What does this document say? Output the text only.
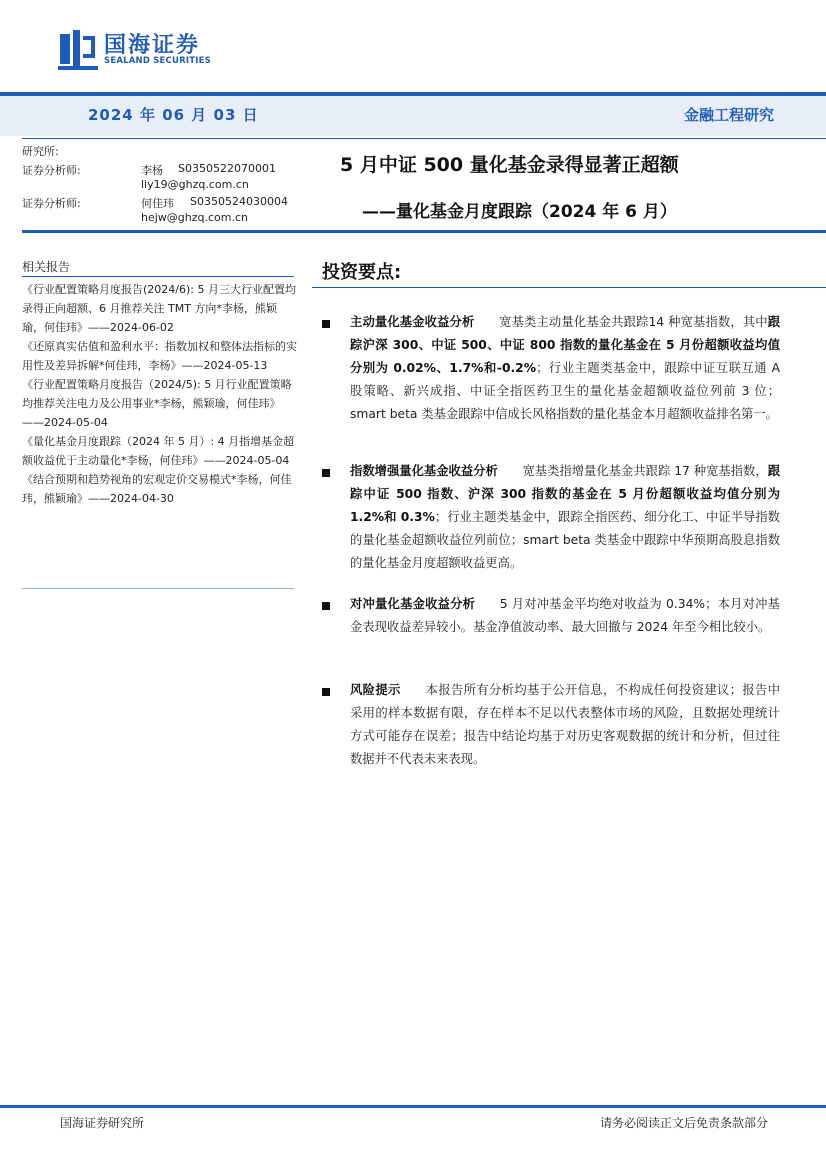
国海证券
SEALAND SECURITIES
2024 年 06 月 03 日	金融工程研究
研究所:
证券分析师:	李杨 S0350522070001
liy19@ghzq.com.cn
证券分析师:	何佳玮 S0350524030004
hejw@ghzq.com.cn
5 月中证 500 量化基金录得显著正超额
——量化基金月度跟踪（2024 年 6 月）
相关报告
《行业配置策略月度报告(2024/6): 5 月三大行业配置均录得正向超额、6 月推荐关注 TMT 方向*李杨，熊颖瑜，何佳玮》——2024-06-02
《还原真实估值和盈利水平：指数加权和整体法指标的实用性及差异拆解*何佳玮，李杨》——2024-05-13
《行业配置策略月度报告（2024/5): 5 月行业配置策略均推荐关注电力及公用事业*李杨，熊颖瑜，何佳玮》——2024-05-04
《量化基金月度跟踪（2024 年 5 月）: 4 月指增基金超额收益优于主动量化*李杨，何佳玮》——2024-05-04
《结合预期和趋势视角的宏观定价交易模式*李杨，何佳玮，熊颖瑜》——2024-04-30
投资要点:
主动量化基金收益分析   宽基类主动量化基金共跟踪14 种宽基指数，其中跟踪沪深 300、中证 500、中证 800 指数的量化基金在 5 月份超额收益均值分别为 0.02%、1.7%和-0.2%；行业主题类基金中，跟踪中证互联互通 A 股策略、新兴成指、中证全指医药卫生的量化基金超额收益位列前 3 位；smart beta 类基金跟踪中信成长风格指数的量化基金本月超额收益排名第一。
指数增强量化基金收益分析   宽基类指增量化基金共跟踪 17 种宽基指数，跟踪中证 500 指数、沪深 300 指数的基金在 5 月份超额收益均值分别为 1.2%和 0.3%；行业主题类基金中，跟踪全指医药、细分化工、中证半导指数的量化基金超额收益位列前位；smart beta 类基金中跟踪中华预期高股息指数的量化基金月度超额收益更高。
对冲量化基金收益分析   5 月对冲基金平均绝对收益为 0.34%；本月对冲基金表现收益差异较小。基金净值波动率、最大回撤与 2024 年至今相比较小。
风险提示   本报告所有分析均基于公开信息，不构成任何投资建议；报告中采用的样本数据有限，存在样本不足以代表整体市场的风险，且数据处理统计方式可能存在误差；报告中结论均基于对历史客观数据的统计和分析，但过往数据并不代表未来表现。
国海证券研究所	请务必阅读正文后免责条款部分
